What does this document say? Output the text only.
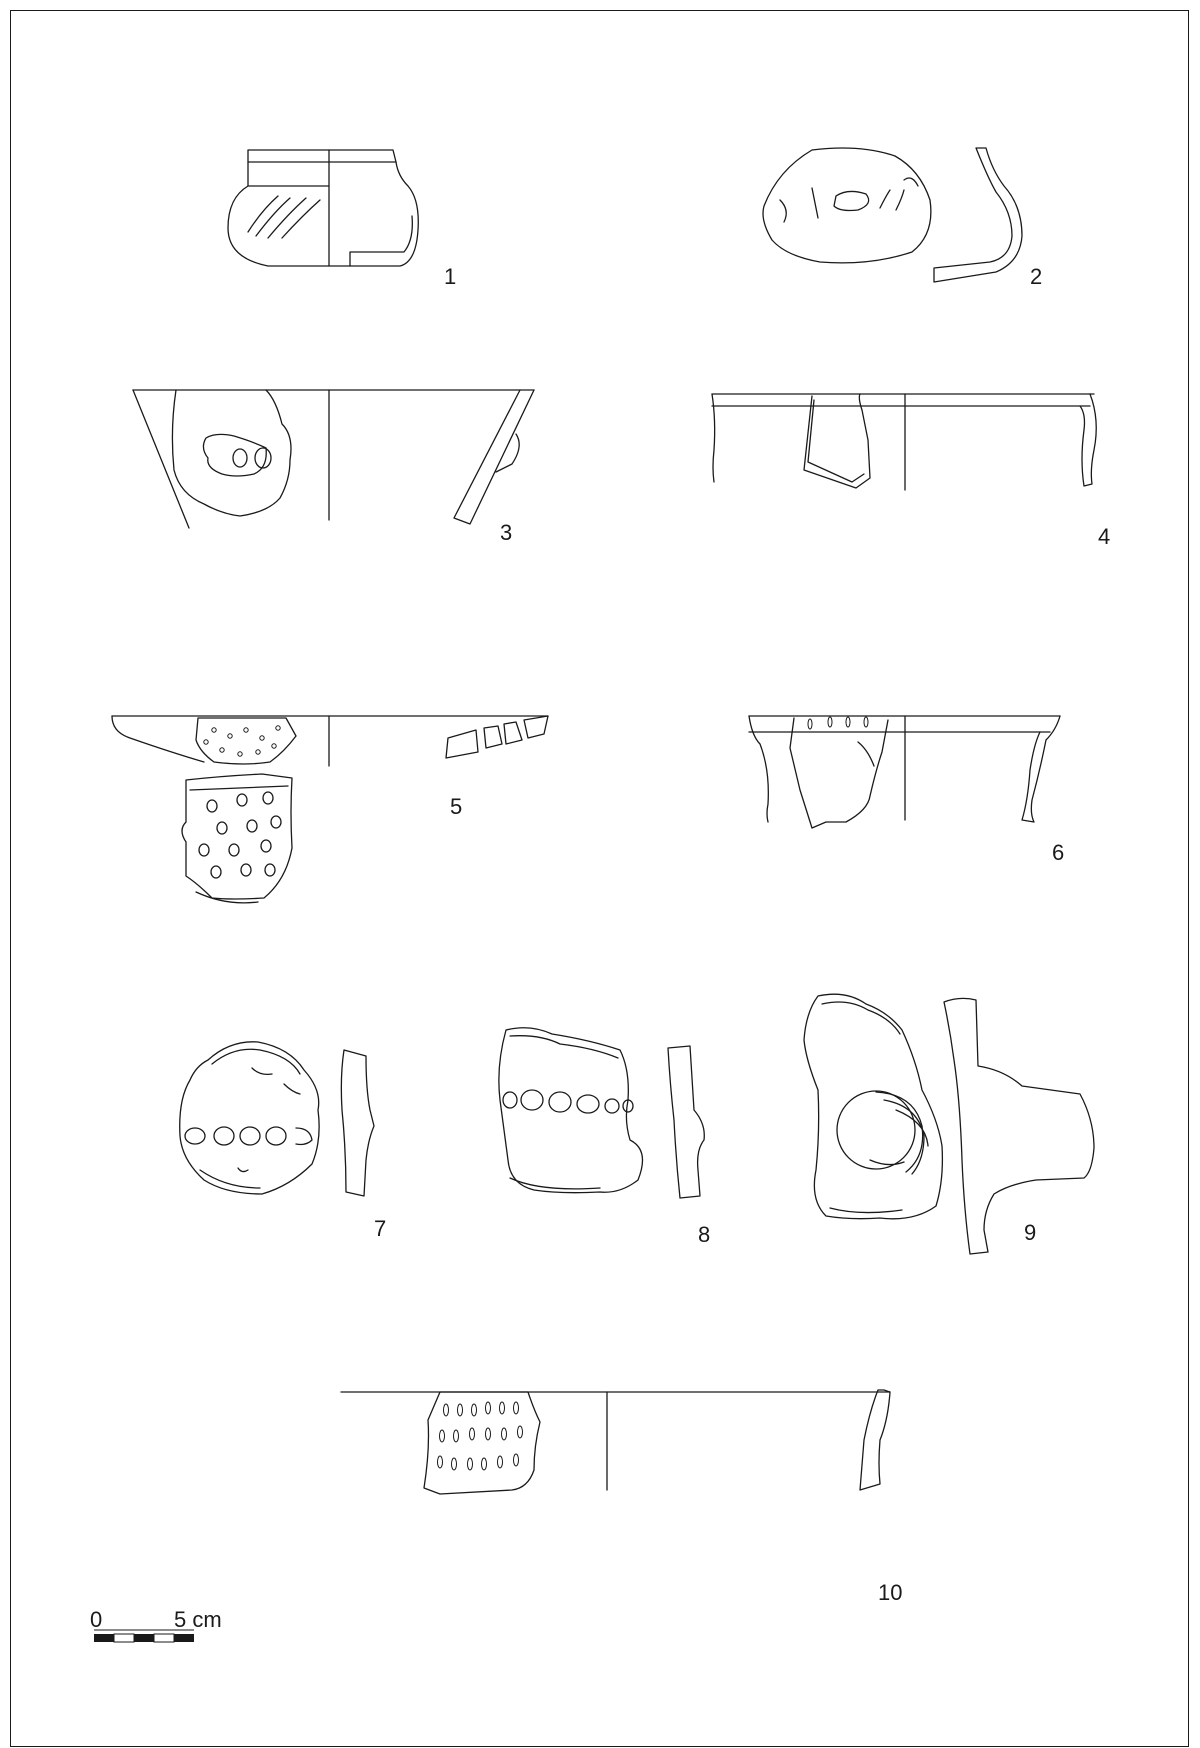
1	2
3	4
5
6
7	8	9
10
0	5 cm
